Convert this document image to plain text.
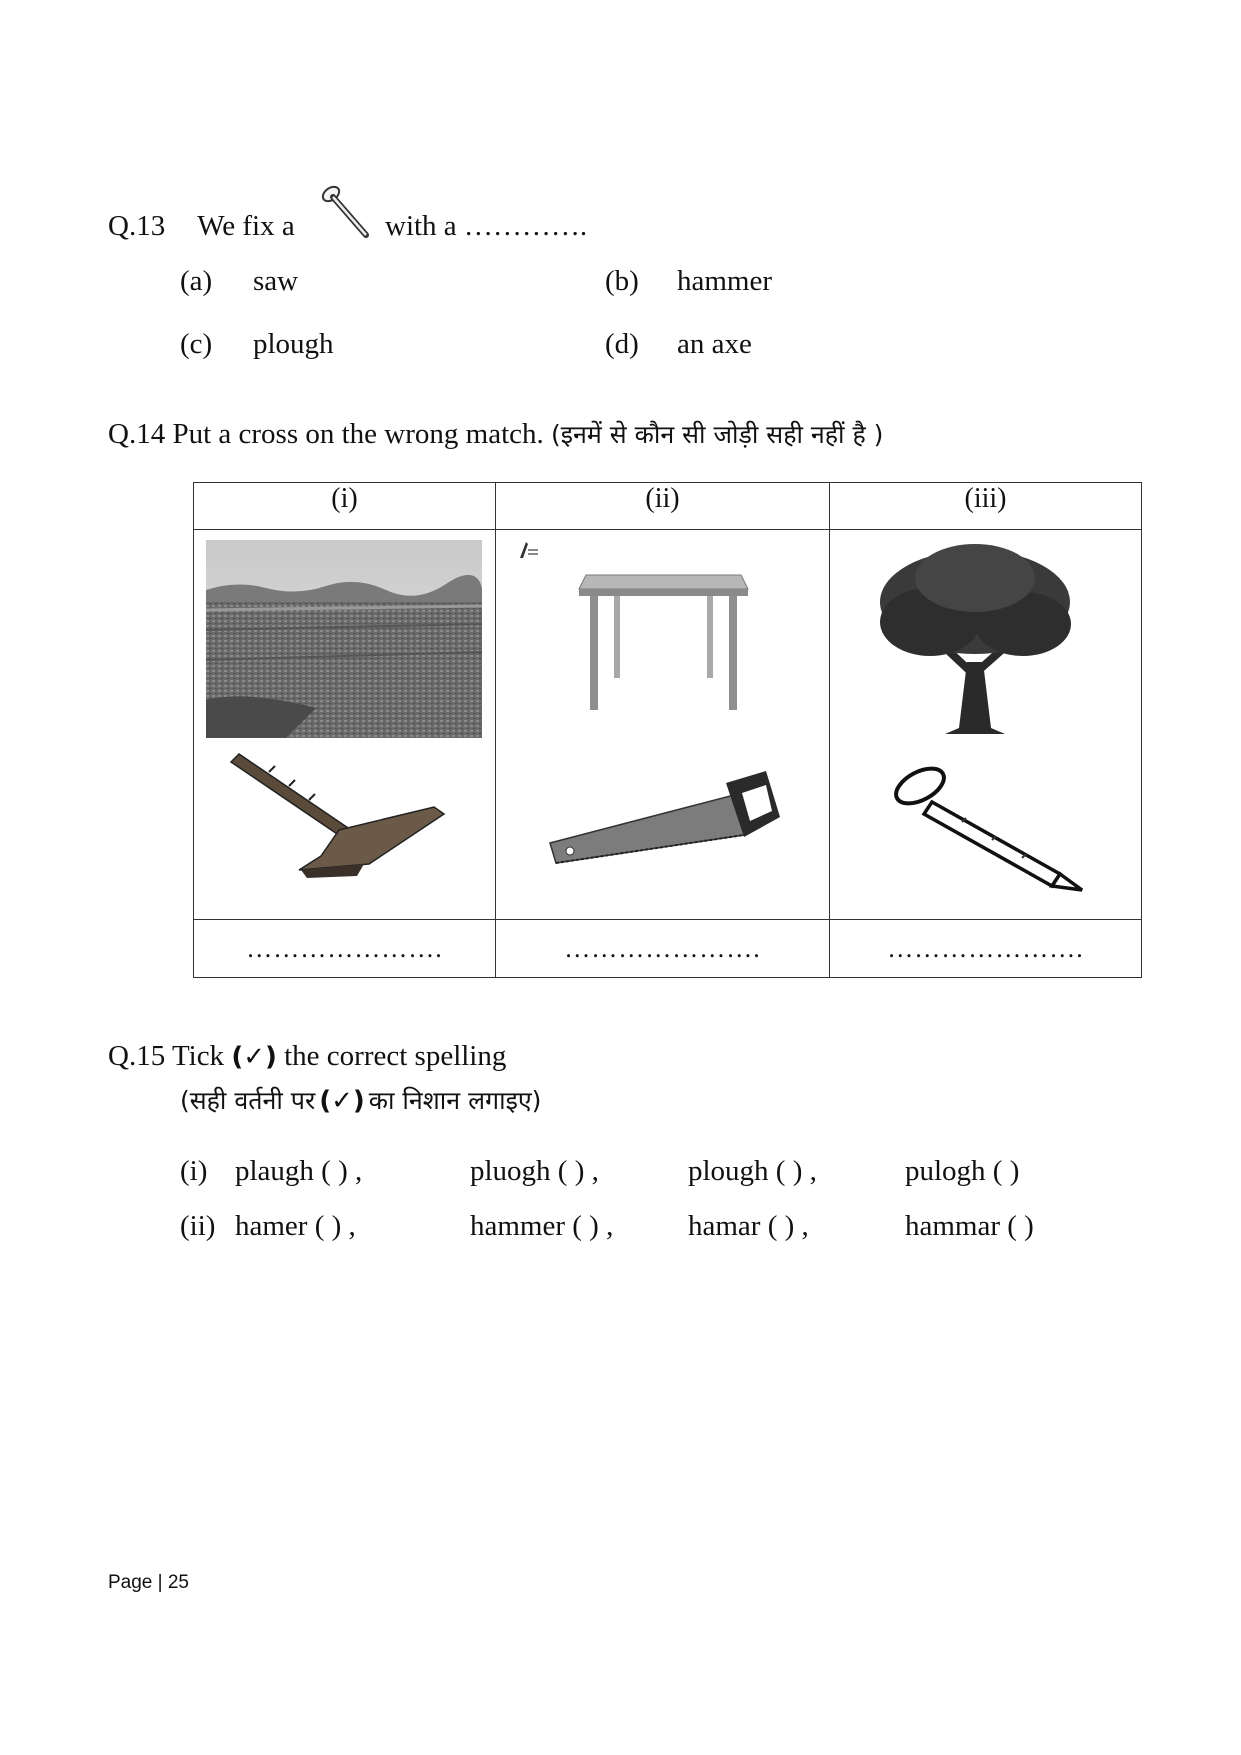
Q.13 We fix a	with a ………….
(a) saw	(b) hammer
(c) plough	(d) an axe
Q.14 Put a cross on the wrong match. (इनमें से कौन सी जोड़ी सही नहीं है )
(i)	(ii)	(iii)

………………….	………………….	………………….
Q.15 Tick (✓) the correct spelling
(सही वर्तनी पर (✓) का निशान लगाइए)
(i) plaugh ( ) ,	pluogh ( ) ,	plough ( ) ,	pulogh ( )
(ii) hamer ( ) ,	hammer ( ) ,	hamar ( ) ,	hammar ( )
Page | 25
